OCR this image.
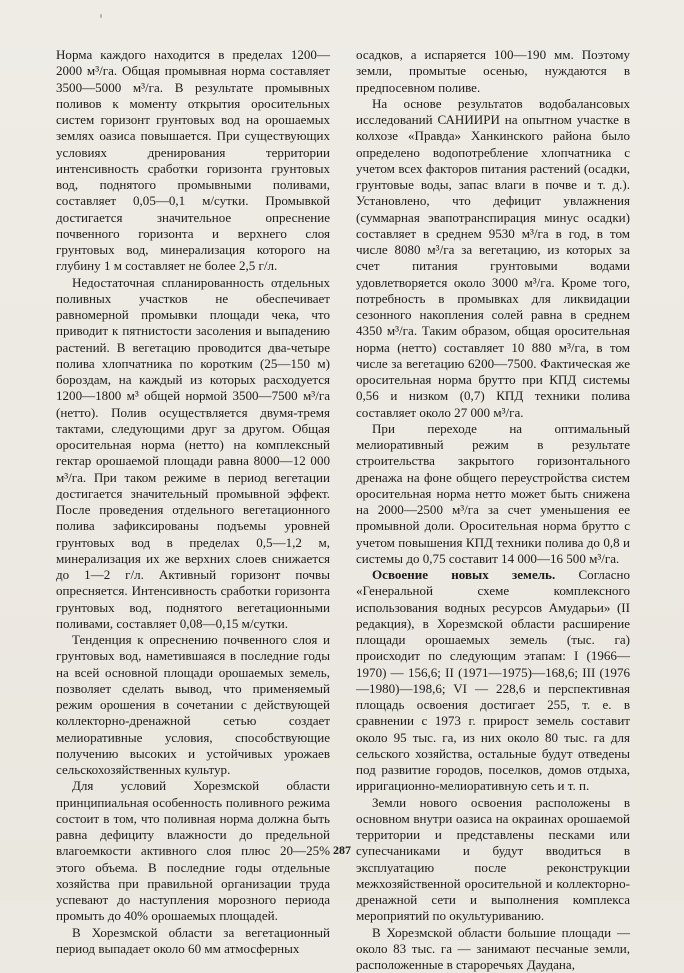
Норма каждого находится в пределах 1200—2000 м³/га. Общая промывная норма составляет 3500—5000 м³/га. В результате промывных поливов к моменту открытия оросительных систем горизонт грунтовых вод на орошаемых землях оазиса повышается. При существующих условиях дренирования территории интенсивность сработки горизонта грунтовых вод, поднятого промывными поливами, составляет 0,05—0,1 м/сутки. Промывкой достигается значительное опреснение почвенного горизонта и верхнего слоя грунтовых вод, минерализация которого на глубину 1 м составляет не более 2,5 г/л.

Недостаточная спланированность отдельных поливных участков не обеспечивает равномерной промывки площади чека, что приводит к пятнистости засоления и выпадению растений. В вегетацию проводится два-четыре полива хлопчатника по коротким (25—150 м) бороздам, на каждый из которых расходуется 1200—1800 м³ общей нормой 3500—7500 м³/га (нетто). Полив осуществляется двумя-тремя тактами, следующими друг за другом. Общая оросительная норма (нетто) на комплексный гектар орошаемой площади равна 8000—12 000 м³/га. При таком режиме в период вегетации достигается значительный промывной эффект. После проведения отдельного вегетационного полива зафиксированы подъемы уровней грунтовых вод в пределах 0,5—1,2 м, минерализация их же верхних слоев снижается до 1—2 г/л. Активный горизонт почвы опресняется. Интенсивность сработки горизонта грунтовых вод, поднятого вегетационными поливами, составляет 0,08—0,15 м/сутки.

Тенденция к опреснению почвенного слоя и грунтовых вод, наметившаяся в последние годы на всей основной площади орошаемых земель, позволяет сделать вывод, что применяемый режим орошения в сочетании с действующей коллекторно-дренажной сетью создает мелиоративные условия, способствующие получению высоких и устойчивых урожаев сельскохозяйственных культур.

Для условий Хорезмской области принципиальная особенность поливного режима состоит в том, что поливная норма должна быть равна дефициту влажности до предельной влагоемкости активного слоя плюс 20—25% этого объема. В последние годы отдельные хозяйства при правильной организации труда успевают до наступления морозного периода промыть до 40% орошаемых площадей.

В Хорезмской области за вегетационный период выпадает около 60 мм атмосферных

осадков, а испаряется 100—190 мм. Поэтому земли, промытые осенью, нуждаются в предпосевном поливе.

На основе результатов водобалансовых исследований САНИИРИ на опытном участке в колхозе «Правда» Ханкинского района было определено водопотребление хлопчатника с учетом всех факторов питания растений (осадки, грунтовые воды, запас влаги в почве и т. д.). Установлено, что дефицит увлажнения (суммарная эвапотранспирация минус осадки) составляет в среднем 9530 м³/га в год, в том числе 8080 м³/га за вегетацию, из которых за счет питания грунтовыми водами удовлетворяется около 3000 м³/га. Кроме того, потребность в промывках для ликвидации сезонного накопления солей равна в среднем 4350 м³/га. Таким образом, общая оросительная норма (нетто) составляет 10 880 м³/га, в том числе за вегетацию 6200—7500. Фактическая же оросительная норма брутто при КПД системы 0,56 и низком (0,7) КПД техники полива составляет около 27 000 м³/га.

При переходе на оптимальный мелиоративный режим в результате строительства закрытого горизонтального дренажа на фоне общего переустройства систем оросительная норма нетто может быть снижена на 2000—2500 м³/га за счет уменьшения ее промывной доли. Оросительная норма брутто с учетом повышения КПД техники полива до 0,8 и системы до 0,75 составит 14 000—16 500 м³/га.

Освоение новых земель. Согласно «Генеральной схеме комплексного использования водных ресурсов Амударьи» (II редакция), в Хорезмской области расширение площади орошаемых земель (тыс. га) происходит по следующим этапам: I (1966—1970) — 156,6; II (1971—1975)—168,6; III (1976—1980)—198,6; VI — 228,6 и перспективная площадь освоения достигает 255, т. е. в сравнении с 1973 г. прирост земель составит около 95 тыс. га, из них около 80 тыс. га для сельского хозяйства, остальные будут отведены под развитие городов, поселков, домов отдыха, ирригационно-мелиоративную сеть и т. п.

Земли нового освоения расположены в основном внутри оазиса на окраинах орошаемой территории и представлены песками или супесчаниками и будут вводиться в эксплуатацию после реконструкции межхозяйственной оросительной и коллекторно-дренажной сети и выполнения комплекса мероприятий по окультуриванию.

В Хорезмской области большие площади — около 83 тыс. га — занимают песчаные земли, расположенные в староречьях Даудана,

287
